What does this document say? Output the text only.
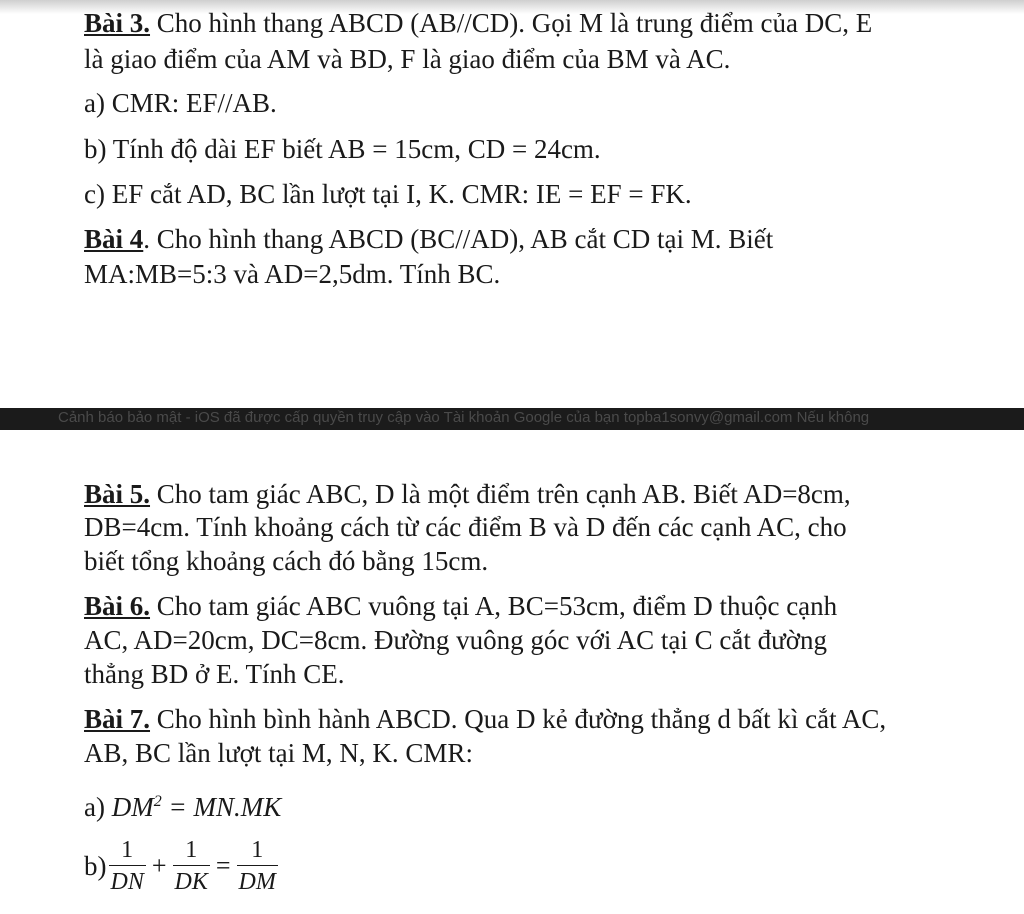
Bài 3. Cho hình thang ABCD (AB//CD). Gọi M là trung điểm của DC, E
là giao điểm của AM và BD, F là giao điểm của BM và AC.
a) CMR: EF//AB.
b) Tính độ dài EF biết AB = 15cm, CD = 24cm.
c) EF cắt AD, BC lần lượt tại I, K. CMR: IE = EF = FK.
Bài 4. Cho hình thang ABCD (BC//AD), AB cắt CD tại M. Biết
MA:MB=5:3 và AD=2,5dm. Tính BC.
Cảnh báo bảo mật - iOS đã được cấp quyền truy cập vào Tài khoản Google của bạn topba1sonvy@gmail.com Nếu không
Bài 5. Cho tam giác ABC, D là một điểm trên cạnh AB. Biết AD=8cm,
DB=4cm. Tính khoảng cách từ các điểm B và D đến các cạnh AC, cho
biết tổng khoảng cách đó bằng 15cm.
Bài 6. Cho tam giác ABC vuông tại A, BC=53cm, điểm D thuộc cạnh
AC, AD=20cm, DC=8cm. Đường vuông góc với AC tại C cắt đường
thẳng BD ở E. Tính CE.
Bài 7. Cho hình bình hành ABCD. Qua D kẻ đường thẳng d bất kì cắt AC,
AB, BC lần lượt tại M, N, K. CMR:
a) $DM^2 = MN.MK$
$b) \frac{1}{DN} + \frac{1}{DK} = \frac{1}{DM}$
